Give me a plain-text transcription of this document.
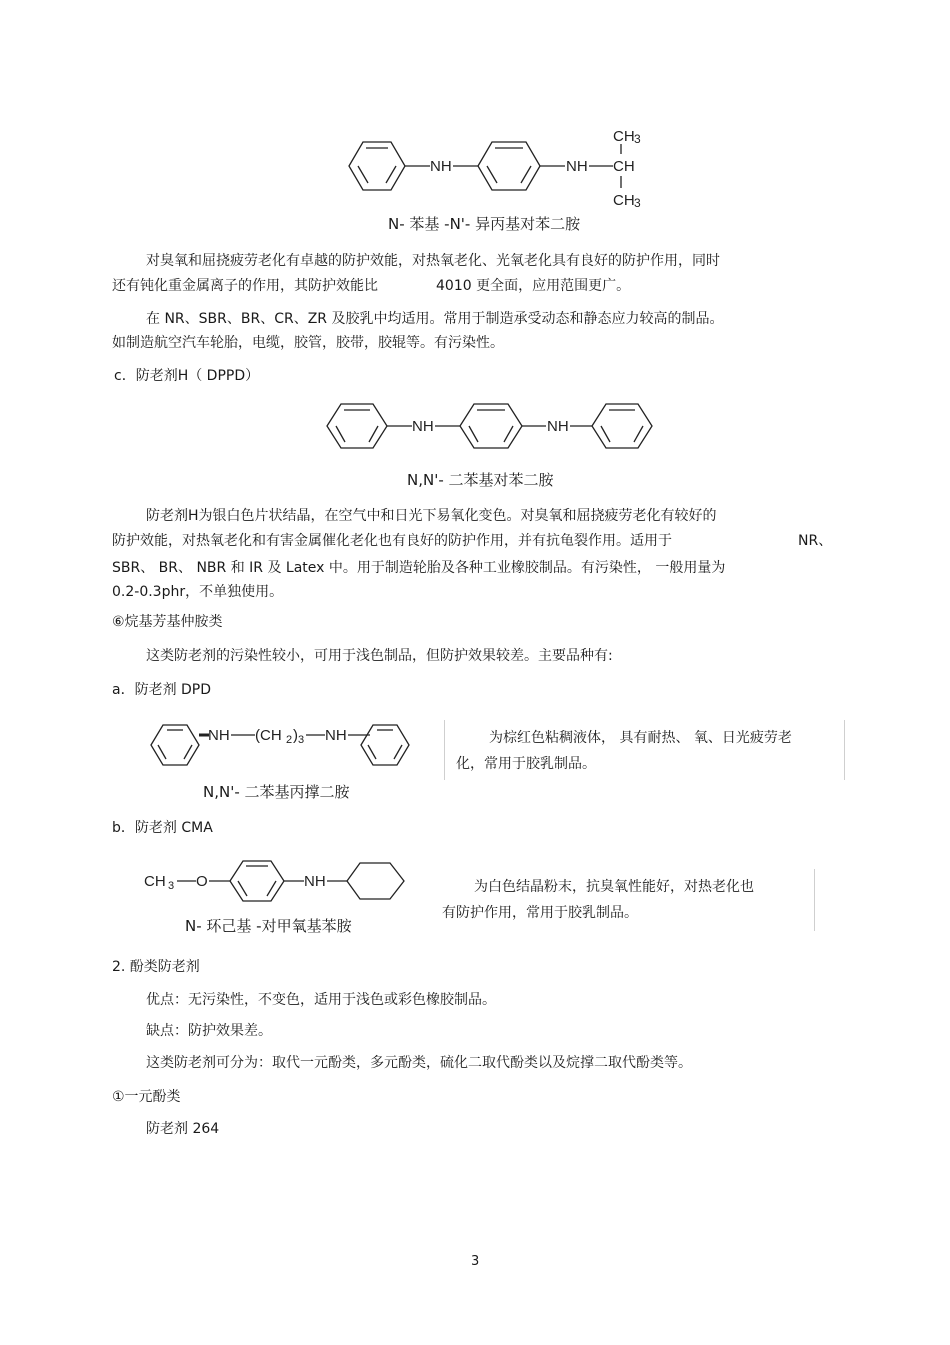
NH	NH CH
CH 3
CH 3

N- 苯基 -N'- 异丙基对苯二胺

对臭氧和屈挠疲劳老化有卓越的防护效能，对热氧老化、光氧老化具有良好的防护作用，同时

还有钝化重金属离子的作用，其防护效能比	4010 更全面，应用范围更广。

在 NR、SBR、BR、CR、ZR 及胶乳中均适用。常用于制造承受动态和静态应力较高的制品。

如制造航空汽车轮胎，电缆，胶管，胶带，胶辊等。有污染性。

c．防老剂H（ DPPD）

NH	NH

N,N'- 二苯基对苯二胺

防老剂H为银白色片状结晶，在空气中和日光下易氧化变色。对臭氧和屈挠疲劳老化有较好的

防护效能，对热氧老化和有害金属催化老化也有良好的防护作用，并有抗龟裂作用。适用于	NR、

SBR、 BR、 NBR 和 IR 及 Latex 中。用于制造轮胎及各种工业橡胶制品。有污染性， 一般用量为

0.2-0.3phr，不单独使用。

⑥烷基芳基仲胺类

这类防老剂的污染性较小，可用于浅色制品，但防护效果较差。主要品种有:

a．防老剂 DPD

NH (CH 2 ) 3 NH

N,N'- 二苯基丙撑二胺

为棕红色粘稠液体， 具有耐热、 氧、日光疲劳老

化，常用于胶乳制品。

b．防老剂 CMA

CH 3 O	NH

N- 环己基 -对甲氧基苯胺

为白色结晶粉末，抗臭氧性能好，对热老化也

有防护作用，常用于胶乳制品。

2. 酚类防老剂

优点：无污染性，不变色，适用于浅色或彩色橡胶制品。

缺点：防护效果差。

这类防老剂可分为：取代一元酚类，多元酚类，硫化二取代酚类以及烷撑二取代酚类等。

①一元酚类

防老剂 264

3
